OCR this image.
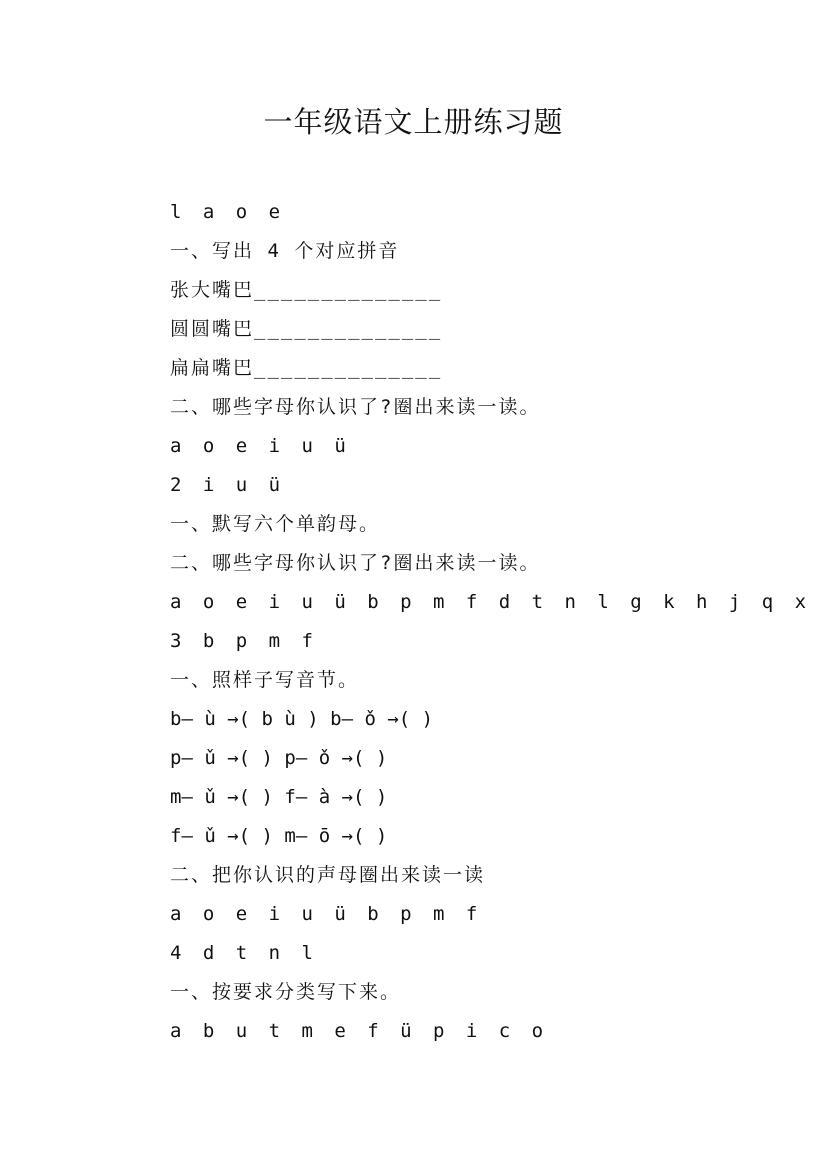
一年级语文上册练习题
l a o e
一、写出 4 个对应拼音
张大嘴巴______________
圆圆嘴巴______________
扁扁嘴巴______________
二、哪些字母你认识了?圈出来读一读。
a o e i u ü
2 i u ü
一、默写六个单韵母。
二、哪些字母你认识了?圈出来读一读。
a o e i u ü b p m f d t n l g k h j q x
3 b p m f
一、照样子写音节。
b— ù →( b ù ) b— ǒ →( )
p— ǔ →( ) p— ǒ →( )
m— ǔ →( ) f— à →( )
f— ǔ →( ) m— ō →( )
二、把你认识的声母圈出来读一读
a o e i u ü b p m f
4 d t n l
一、按要求分类写下来。
a b u t m e f ü p i c o
